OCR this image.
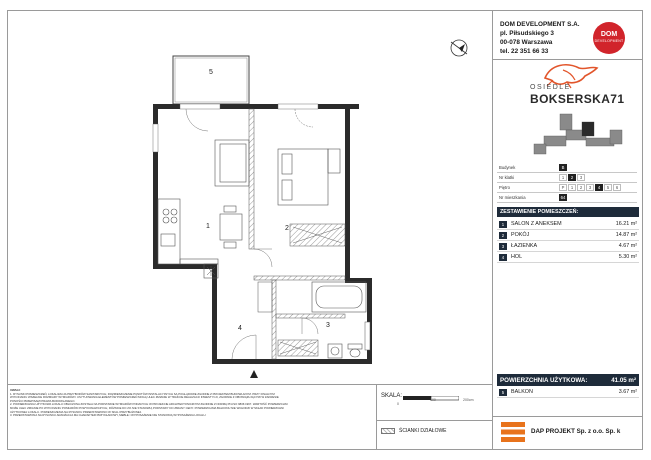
DOM DEVELOPMENT S.A.
pl. Piłsudskiego 3
00-078 Warszawa
tel. 22 351 66 33
DOM
DEVELOPMENT
OSIEDLE
BOKSERSKA71
Budynek	B
Nr klatki	1	2	3
Piętro	P	1	2	3	4	5	6
Nr mieszkania	64
ZESTAWIENIE POMIESZCZEŃ:
1	SALON Z ANEKSEM	16.21 m²
2	POKÓJ	14.87 m²
3	ŁAZIENKA	4.67 m²
4	HOL	5.30 m²
POWIERZCHNIA UŻYTKOWA:	41.05 m²
5	BALKON	3.67 m²
DAP PROJEKT Sp. z o.o. Sp. k
UWAGI:
1. RYSUNKI POMIESZCZEŃ, LOKALIZACJA PRZYBORÓW SANITARNYCH, ROZMIESZCZENIE PUNKTÓW INSTALACYJNYCH SĄ POGLĄDOWE ZGODNE Z PROJEKTEM BUDOWLANYM. PRZY FINALNYM
WYKONANIU WSZELKIE ROZMIARY WYMIARÓW I USYTUOWANIA ELEMENTÓW POMIESZCZEŃ MOGĄ ULEC ZMIANIE W TRAKCIE REALIZACJI INWESTYCJI, ZGODNIE Z OBOWIĄZUJĄCYMI W ZAKRESIE
PONOŚCI PRZEPISAMI PRAWA BUDOWLANEGO.
2. POWIERZCHNIA UŻYTKOWA LOKALU OBLICZONA ZOSTAŁA NA PODSTAWIE WYMIARÓW PODANYCH W PROJEKCIE ARCHITEKTONICZNYM ZGODNIE Z NORMĄ PN-ISO 9836:1997. WARTOŚĆ POWIERZCHNI
MOŻE ULEC ZMIANIE PO WYKONANIU POMIARÓW POWYKONAWCZYCH, RÓŻNICE DO 2% NIE STANOWIĄ PODSTAWY DO ZMIANY CENY. POWIERZCHNIA BALKONU NIE WCHODZI W SKŁAD POWIERZCHNI
UŻYTKOWEJ LOKALU. POMIESZCZENIA NA RYSUNKU PRZEDSTAWIONO W SKALI PRZYBLIŻONEJ.
3. PRZEDSTAWIONA NA RYSUNKU ARANŻACJA MA CHARAKTER PRZYKŁADOWY, MEBLE I WYPOSAŻENIE NIE STANOWIĄ WYPOSAŻENIA LOKALU.
SKALA:
0
100	200cm
ŚCIANKI DZIAŁOWE
1	2
3
4
5
